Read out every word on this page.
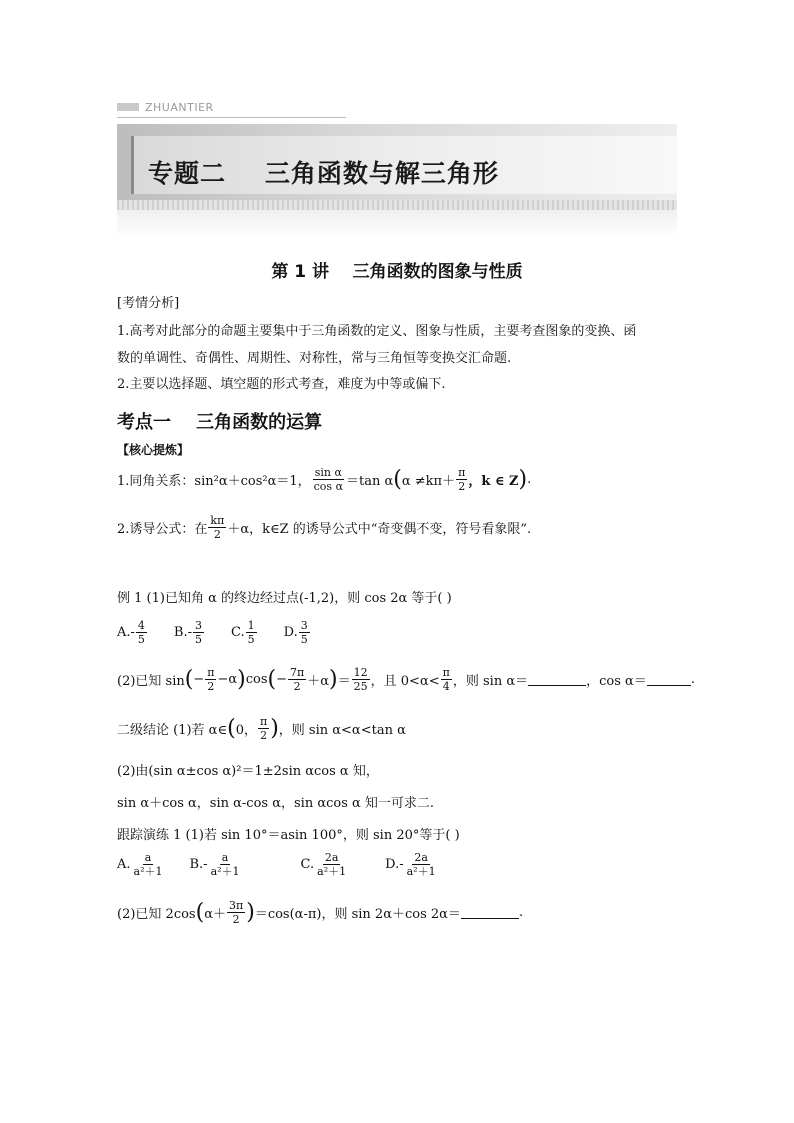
ZHUANTIER
专题二    三角函数与解三角形
第 1 讲    三角函数的图象与性质
[考情分析]
1.高考对此部分的命题主要集中于三角函数的定义、图象与性质，主要考查图象的变换、函
数的单调性、奇偶性、周期性、对称性，常与三角恒等变换交汇命题.
2.主要以选择题、填空题的形式考查，难度为中等或偏下.
考点一    三角函数的运算
【核心提炼】
1.同角关系：sin²α＋cos²α＝1， $\frac{\text{sin α}}{\text{cos α}} =\tan$ α ( $\alpha \ne k\pi+ \frac{\pi}{2}$ ，k ∈ Z ) .
2.诱导公式：在 $\frac{k\pi}{2} +\alpha$，k∈Z 的诱导公式中“奇变偶不变，符号看象限”.
例 1 (1)已知角 α 的终边经过点(-1,2)，则 cos 2α 等于( )
$A.- \frac{4}{5} B.- \frac{3}{5} C$. $\frac{1}{5} D$. $\frac{3}{5}$
(2)已知 sin ( − $\frac{\pi}{2} -\alpha$ ) cos ( − $\frac{7\pi}{2} +\alpha$ ) ＝ $\frac{12}{25}$ ，且 $0<\alpha< \frac{\pi}{4}$ ，则 sin α＝	，cos α＝	.
二级结论 (1)若 α∈ ( 0， $\frac{\pi}{2}$ ) ，则 sin α<α<tan α
(2)由(sin α±cos α)²＝1±2sin αcos α 知，
sin α＋cos α，sin α-cos α，sin αcos α 知一可求二.
跟踪演练 1 (1)若 sin 10°＝asin 100°，则 sin 20°等于( )
A. $\frac{a}{\text{a²＋1}} B.- \frac{a}{\text{a²＋1}}$	C. $\frac{2a}{\text{a²＋1}}$	$D.- \frac{2a}{\text{a²＋1}}$
(2)已知 2cos ( $\alpha+ \frac{3\pi}{2}$ ) ＝cos(α-π)，则 sin 2α＋cos 2α＝	.
